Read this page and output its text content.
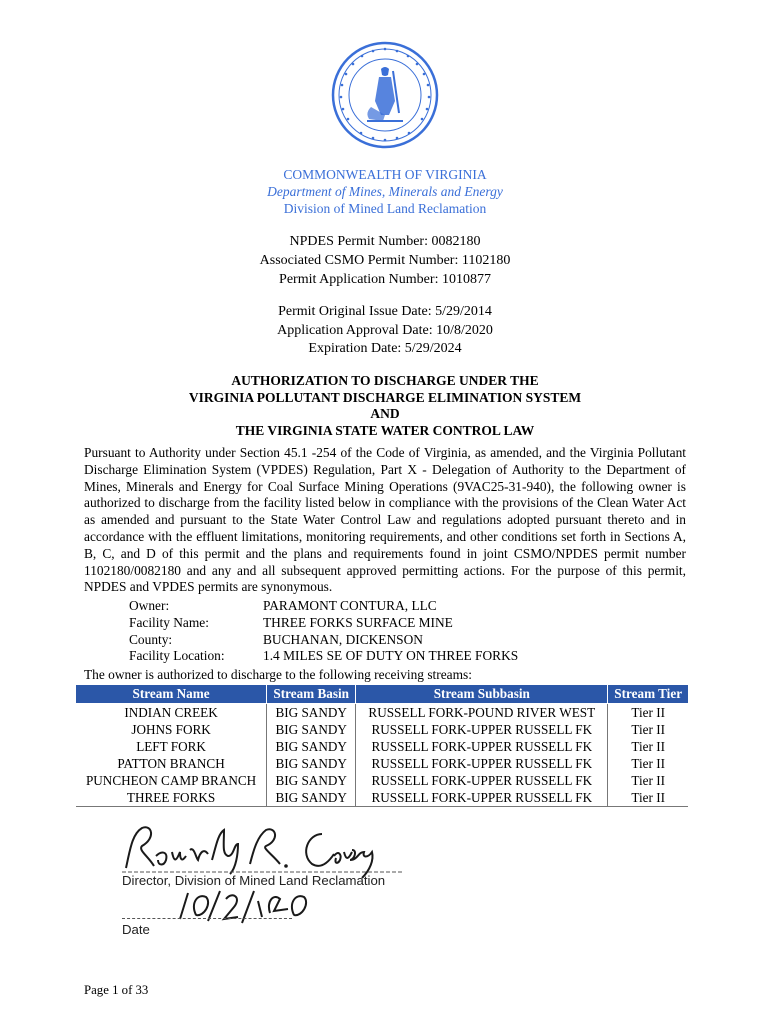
COMMONWEALTH OF VIRGINIA
Department of Mines, Minerals and Energy
Division of Mined Land Reclamation
NPDES Permit Number: 0082180
Associated CSMO Permit Number: 1102180
Permit Application Number: 1010877
Permit Original Issue Date: 5/29/2014
Application Approval Date: 10/8/2020
Expiration Date: 5/29/2024
AUTHORIZATION TO DISCHARGE UNDER THE
VIRGINIA POLLUTANT DISCHARGE ELIMINATION SYSTEM
AND
THE VIRGINIA STATE WATER CONTROL LAW
Pursuant to Authority under Section 45.1 -254 of the Code of Virginia, as amended, and the Virginia Pollutant Discharge Elimination System (VPDES) Regulation, Part X - Delegation of Authority to the Department of Mines, Minerals and Energy for Coal Surface Mining Operations (9VAC25-31-940), the following owner is authorized to discharge from the facility listed below in compliance with the provisions of the Clean Water Act as amended and pursuant to the State Water Control Law and regulations adopted pursuant thereto and in accordance with the effluent limitations, monitoring requirements, and other conditions set forth in Sections A, B, C, and D of this permit and the plans and requirements found in joint CSMO/NPDES permit number 1102180/0082180 and any and all subsequent approved permitting actions. For the purpose of this permit, NPDES and VPDES permits are synonymous.
Owner:	PARAMONT CONTURA, LLC
Facility Name:	THREE FORKS SURFACE MINE
County:	BUCHANAN, DICKENSON
Facility Location:	1.4 MILES SE OF DUTY ON THREE FORKS
The owner is authorized to discharge to the following receiving streams:
Stream Name	Stream Basin	Stream Subbasin	Stream Tier
INDIAN CREEK	BIG SANDY	RUSSELL FORK-POUND RIVER WEST	Tier II
JOHNS FORK	BIG SANDY	RUSSELL FORK-UPPER RUSSELL FK	Tier II
LEFT FORK	BIG SANDY	RUSSELL FORK-UPPER RUSSELL FK	Tier II
PATTON BRANCH	BIG SANDY	RUSSELL FORK-UPPER RUSSELL FK	Tier II
PUNCHEON CAMP BRANCH	BIG SANDY	RUSSELL FORK-UPPER RUSSELL FK	Tier II
THREE FORKS	BIG SANDY	RUSSELL FORK-UPPER RUSSELL FK	Tier II
Director, Division of Mined Land Reclamation
Date
Page 1 of 33
